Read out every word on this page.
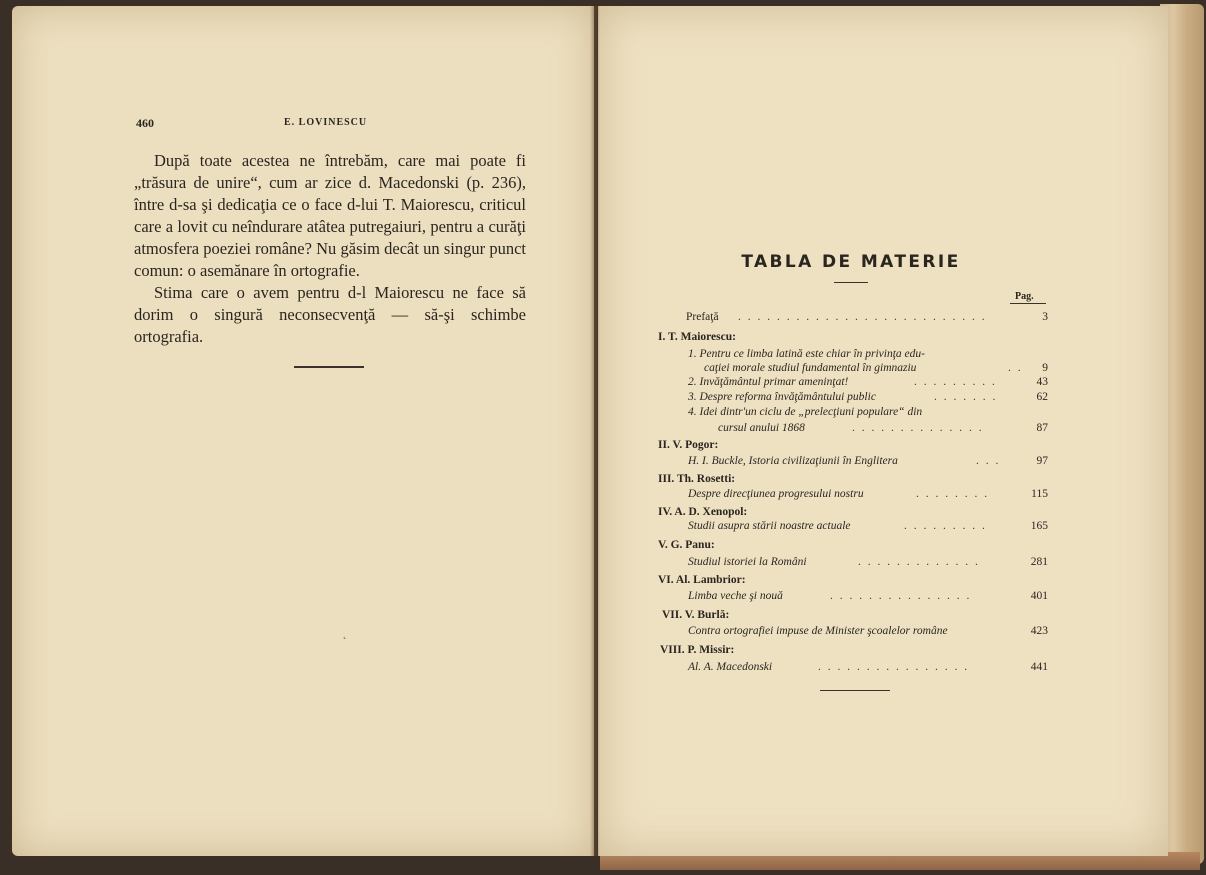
460	E. LOVINESCU

După toate acestea ne întrebăm, care mai poate fi „trăsura de unire“, cum ar zice d. Macedonski (p. 236), între d-sa şi dedicaţia ce o face d-lui T. Maiorescu, criticul care a lovit cu neîndurare atâtea putregaiuri, pentru a curăţi atmosfera poeziei române? Nu găsim decât un singur punct comun: o asemănare în ortografie.

Stima care o avem pentru d-l Maiorescu ne face să dorim o singură neconsecvenţă — să-şi schimbe ortografia.

˛
TABLA DE MATERIE
Pag.
Prefaţă . . . . . . . . . . . . . . . . . . . . . . . . . .	3
I. T. Maiorescu:
1. Pentru ce limba latină este chiar în privinţa edu-
caţiei morale studiul fundamental în gimnaziu	. . 9
2. Invăţământul primar ameninţat!	. . . . . . . . .	43
3. Despre reforma învăţământului public	. . . . . . .	62
4. Idei dintr'un ciclu de „prelecţiuni populare“ din
cursul anului 1868	. . . . . . . . . . . . . .	87
II. V. Pogor:
H. I. Buckle, Istoria civilizaţiunii în Englitera	. . .	97
III. Th. Rosetti:
Despre direcţiunea progresului nostru	. . . . . . . .	115
IV. A. D. Xenopol:
Studii asupra stării noastre actuale	. . . . . . . . .	165
V. G. Panu:
Studiul istoriei la Români	. . . . . . . . . . . . .	281
VI. Al. Lambrior:
Limba veche şi nouă	. . . . . . . . . . . . . . .	401
VII. V. Burlă:
Contra ortografiei impuse de Minister şcoalelor române	423
VIII. P. Missir:
Al. A. Macedonski	. . . . . . . . . . . . . . . .	441
